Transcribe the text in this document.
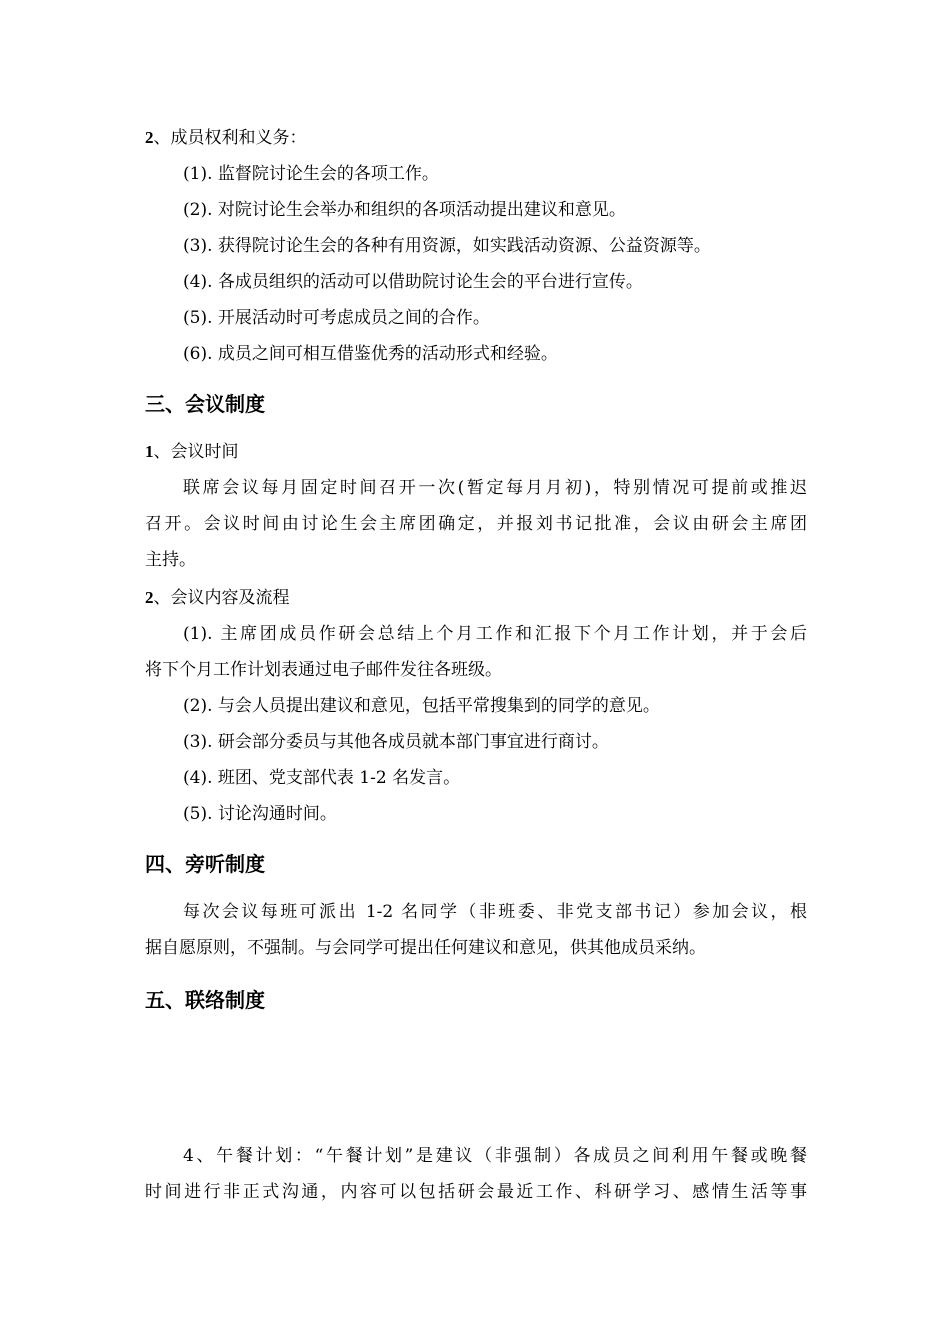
2、成员权利和义务：
(1). 监督院讨论生会的各项工作。
(2). 对院讨论生会举办和组织的各项活动提出建议和意见。
(3). 获得院讨论生会的各种有用资源，如实践活动资源、公益资源等。
(4). 各成员组织的活动可以借助院讨论生会的平台进行宣传。
(5). 开展活动时可考虑成员之间的合作。
(6). 成员之间可相互借鉴优秀的活动形式和经验。
三、会议制度
1、会议时间
联席会议每月固定时间召开一次(暂定每月月初)，特别情况可提前或推迟
召开。会议时间由讨论生会主席团确定，并报刘书记批准，会议由研会主席团
主持。
2、会议内容及流程
(1). 主席团成员作研会总结上个月工作和汇报下个月工作计划，并于会后
将下个月工作计划表通过电子邮件发往各班级。
(2). 与会人员提出建议和意见，包括平常搜集到的同学的意见。
(3). 研会部分委员与其他各成员就本部门事宜进行商讨。
(4). 班团、党支部代表 1-2 名发言。
(5). 讨论沟通时间。
四、旁听制度
每次会议每班可派出 1-2 名同学（非班委、非党支部书记）参加会议，根
据自愿原则，不强制。与会同学可提出任何建议和意见，供其他成员采纳。
五、联络制度
4、午餐计划：“午餐计划”是建议（非强制）各成员之间利用午餐或晚餐
时间进行非正式沟通，内容可以包括研会最近工作、科研学习、感情生活等事
